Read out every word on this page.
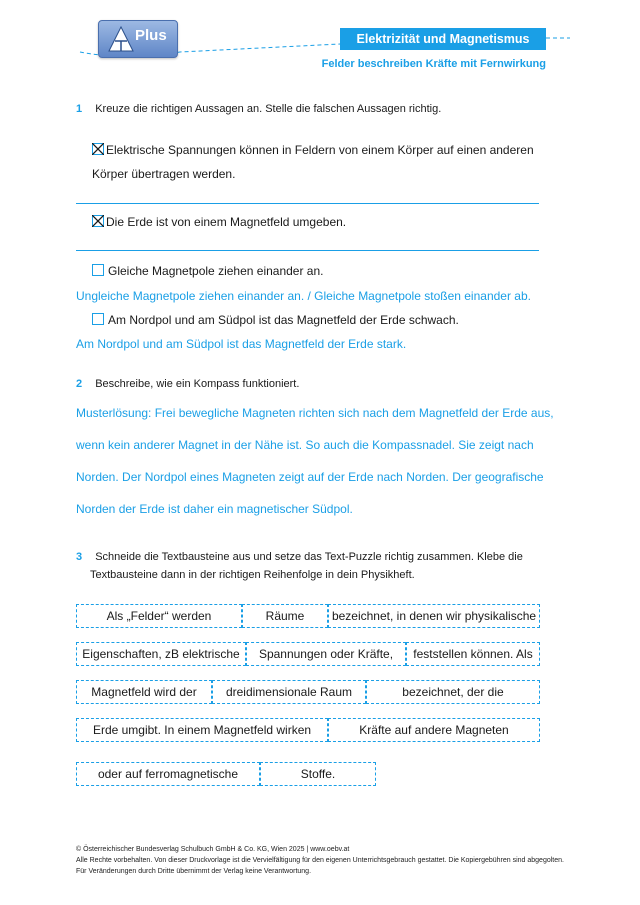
Plus	Elektrizität und Magnetismus
Felder beschreiben Kräfte mit Fernwirkung
1 Kreuze die richtigen Aussagen an. Stelle die falschen Aussagen richtig.
Elektrische Spannungen können in Feldern von einem Körper auf einen anderen
Körper übertragen werden.
Die Erde ist von einem Magnetfeld umgeben.
Gleiche Magnetpole ziehen einander an.
Ungleiche Magnetpole ziehen einander an. / Gleiche Magnetpole stoßen einander ab.
Am Nordpol und am Südpol ist das Magnetfeld der Erde schwach.
Am Nordpol und am Südpol ist das Magnetfeld der Erde stark.
2 Beschreibe, wie ein Kompass funktioniert.
Musterlösung: Frei bewegliche Magneten richten sich nach dem Magnetfeld der Erde aus,
wenn kein anderer Magnet in der Nähe ist. So auch die Kompassnadel. Sie zeigt nach
Norden. Der Nordpol eines Magneten zeigt auf der Erde nach Norden. Der geografische
Norden der Erde ist daher ein magnetischer Südpol.
3 Schneide die Textbausteine aus und setze das Text-Puzzle richtig zusammen. Klebe die
Textbausteine dann in der richtigen Reihenfolge in dein Physikheft.
Als „Felder“ werden	Räume	bezeichnet, in denen wir physikalische
Eigenschaften, zB elektrische	Spannungen oder Kräfte,	feststellen können. Als
Magnetfeld wird der	dreidimensionale Raum	bezeichnet, der die
Erde umgibt. In einem Magnetfeld wirken	Kräfte auf andere Magneten
oder auf ferromagnetische	Stoffe.
© Österreichischer Bundesverlag Schulbuch GmbH & Co. KG, Wien 2025 | www.oebv.at
Alle Rechte vorbehalten. Von dieser Druckvorlage ist die Vervielfältigung für den eigenen Unterrichtsgebrauch gestattet. Die Kopiergebühren sind abgegolten.
Für Veränderungen durch Dritte übernimmt der Verlag keine Verantwortung.
